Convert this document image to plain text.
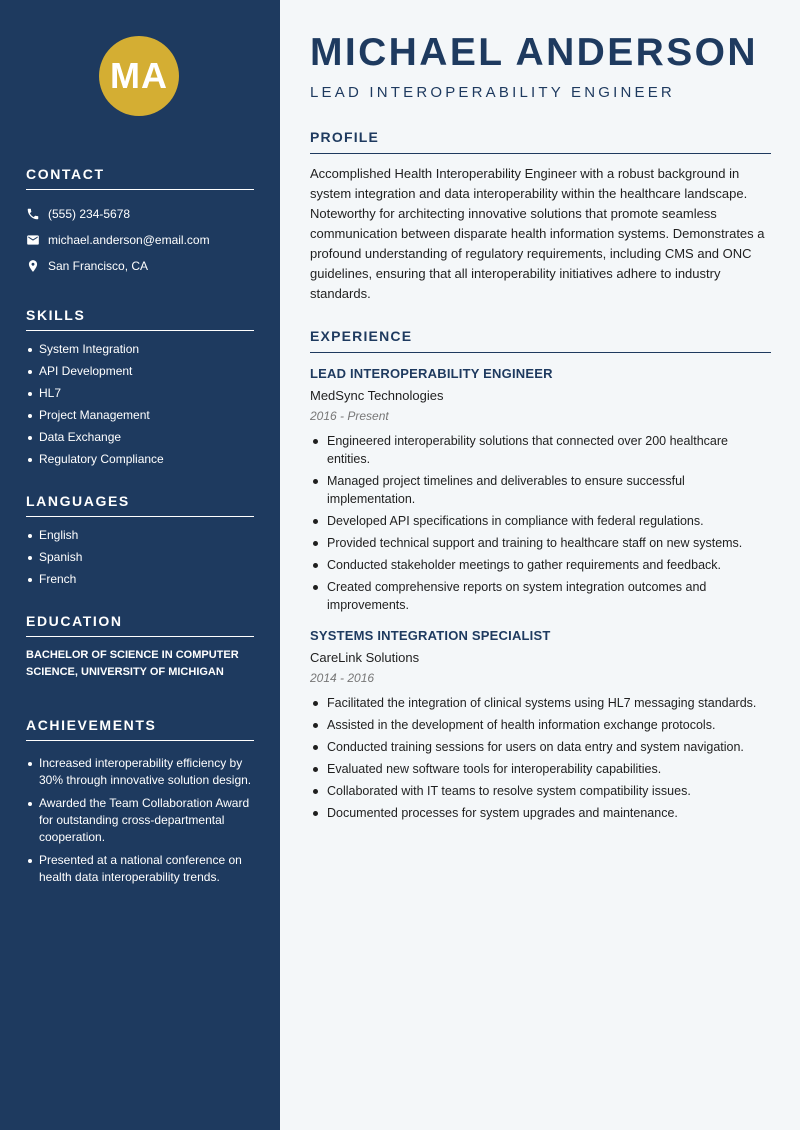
MA
CONTACT
(555) 234-5678
michael.anderson@email.com
San Francisco, CA
SKILLS
System Integration
API Development
HL7
Project Management
Data Exchange
Regulatory Compliance
LANGUAGES
English
Spanish
French
EDUCATION
BACHELOR OF SCIENCE IN COMPUTER SCIENCE, UNIVERSITY OF MICHIGAN
ACHIEVEMENTS
Increased interoperability efficiency by 30% through innovative solution design.
Awarded the Team Collaboration Award for outstanding cross-departmental cooperation.
Presented at a national conference on health data interoperability trends.
MICHAEL ANDERSON
LEAD INTEROPERABILITY ENGINEER
PROFILE

Accomplished Health Interoperability Engineer with a robust background in system integration and data interoperability within the healthcare landscape. Noteworthy for architecting innovative solutions that promote seamless communication between disparate health information systems. Demonstrates a profound understanding of regulatory requirements, including CMS and ONC guidelines, ensuring that all interoperability initiatives adhere to industry standards.

EXPERIENCE
LEAD INTEROPERABILITY ENGINEER
MedSync Technologies
2016 - Present
Engineered interoperability solutions that connected over 200 healthcare entities.
Managed project timelines and deliverables to ensure successful implementation.
Developed API specifications in compliance with federal regulations.
Provided technical support and training to healthcare staff on new systems.
Conducted stakeholder meetings to gather requirements and feedback.
Created comprehensive reports on system integration outcomes and improvements.
SYSTEMS INTEGRATION SPECIALIST
CareLink Solutions
2014 - 2016
Facilitated the integration of clinical systems using HL7 messaging standards.
Assisted in the development of health information exchange protocols.
Conducted training sessions for users on data entry and system navigation.
Evaluated new software tools for interoperability capabilities.
Collaborated with IT teams to resolve system compatibility issues.
Documented processes for system upgrades and maintenance.
